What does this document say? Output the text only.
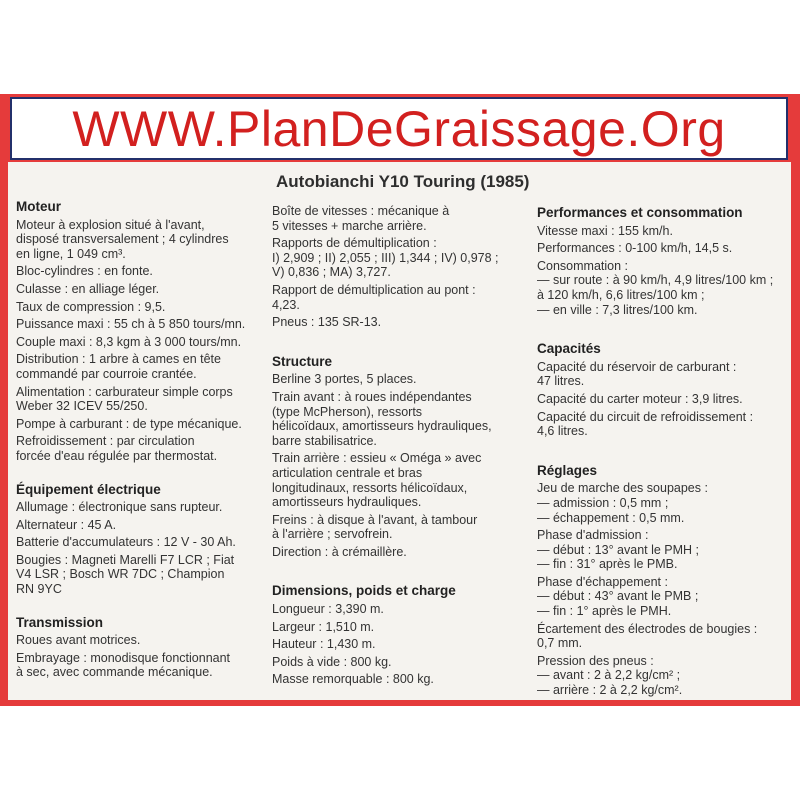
WWW.PlanDeGraissage.Org
Autobianchi Y10 Touring (1985)
Moteur
Moteur à explosion situé à l'avant,
disposé transversalement ; 4 cylindres
en ligne, 1 049 cm³.
Bloc-cylindres : en fonte.
Culasse : en alliage léger.
Taux de compression : 9,5.
Puissance maxi : 55 ch à 5 850 tours/mn.
Couple maxi : 8,3 kgm à 3 000 tours/mn.
Distribution : 1 arbre à cames en tête
commandé par courroie crantée.
Alimentation : carburateur simple corps
Weber 32 ICEV 55/250.
Pompe à carburant : de type mécanique.
Refroidissement : par circulation
forcée d'eau régulée par thermostat.
Équipement électrique
Allumage : électronique sans rupteur.
Alternateur : 45 A.
Batterie d'accumulateurs : 12 V - 30 Ah.
Bougies : Magneti Marelli F7 LCR ; Fiat
V4 LSR ; Bosch WR 7DC ; Champion
RN 9YC
Transmission
Roues avant motrices.
Embrayage : monodisque fonctionnant
à sec, avec commande mécanique.
Boîte de vitesses : mécanique à
5 vitesses + marche arrière.
Rapports de démultiplication :
I) 2,909 ; II) 2,055 ; III) 1,344 ; IV) 0,978 ;
V) 0,836 ; MA) 3,727.
Rapport de démultiplication au pont :
4,23.
Pneus : 135 SR-13.
Structure
Berline 3 portes, 5 places.
Train avant : à roues indépendantes
(type McPherson), ressorts
hélicoïdaux, amortisseurs hydrauliques,
barre stabilisatrice.
Train arrière : essieu « Oméga » avec
articulation centrale et bras
longitudinaux, ressorts hélicoïdaux,
amortisseurs hydrauliques.
Freins : à disque à l'avant, à tambour
à l'arrière ; servofrein.
Direction : à crémaillère.
Dimensions, poids et charge
Longueur : 3,390 m.
Largeur : 1,510 m.
Hauteur : 1,430 m.
Poids à vide : 800 kg.
Masse remorquable : 800 kg.
Performances et consommation
Vitesse maxi : 155 km/h.
Performances : 0-100 km/h, 14,5 s.
Consommation :
— sur route : à 90 km/h, 4,9 litres/100 km ;
à 120 km/h, 6,6 litres/100 km ;
— en ville : 7,3 litres/100 km.
Capacités
Capacité du réservoir de carburant :
47 litres.
Capacité du carter moteur : 3,9 litres.
Capacité du circuit de refroidissement :
4,6 litres.
Réglages
Jeu de marche des soupapes :
— admission : 0,5 mm ;
— échappement : 0,5 mm.
Phase d'admission :
— début : 13° avant le PMH ;
— fin : 31° après le PMB.
Phase d'échappement :
— début : 43° avant le PMB ;
— fin : 1° après le PMH.
Écartement des électrodes de bougies :
0,7 mm.
Pression des pneus :
— avant : 2 à 2,2 kg/cm² ;
— arrière : 2 à 2,2 kg/cm².
